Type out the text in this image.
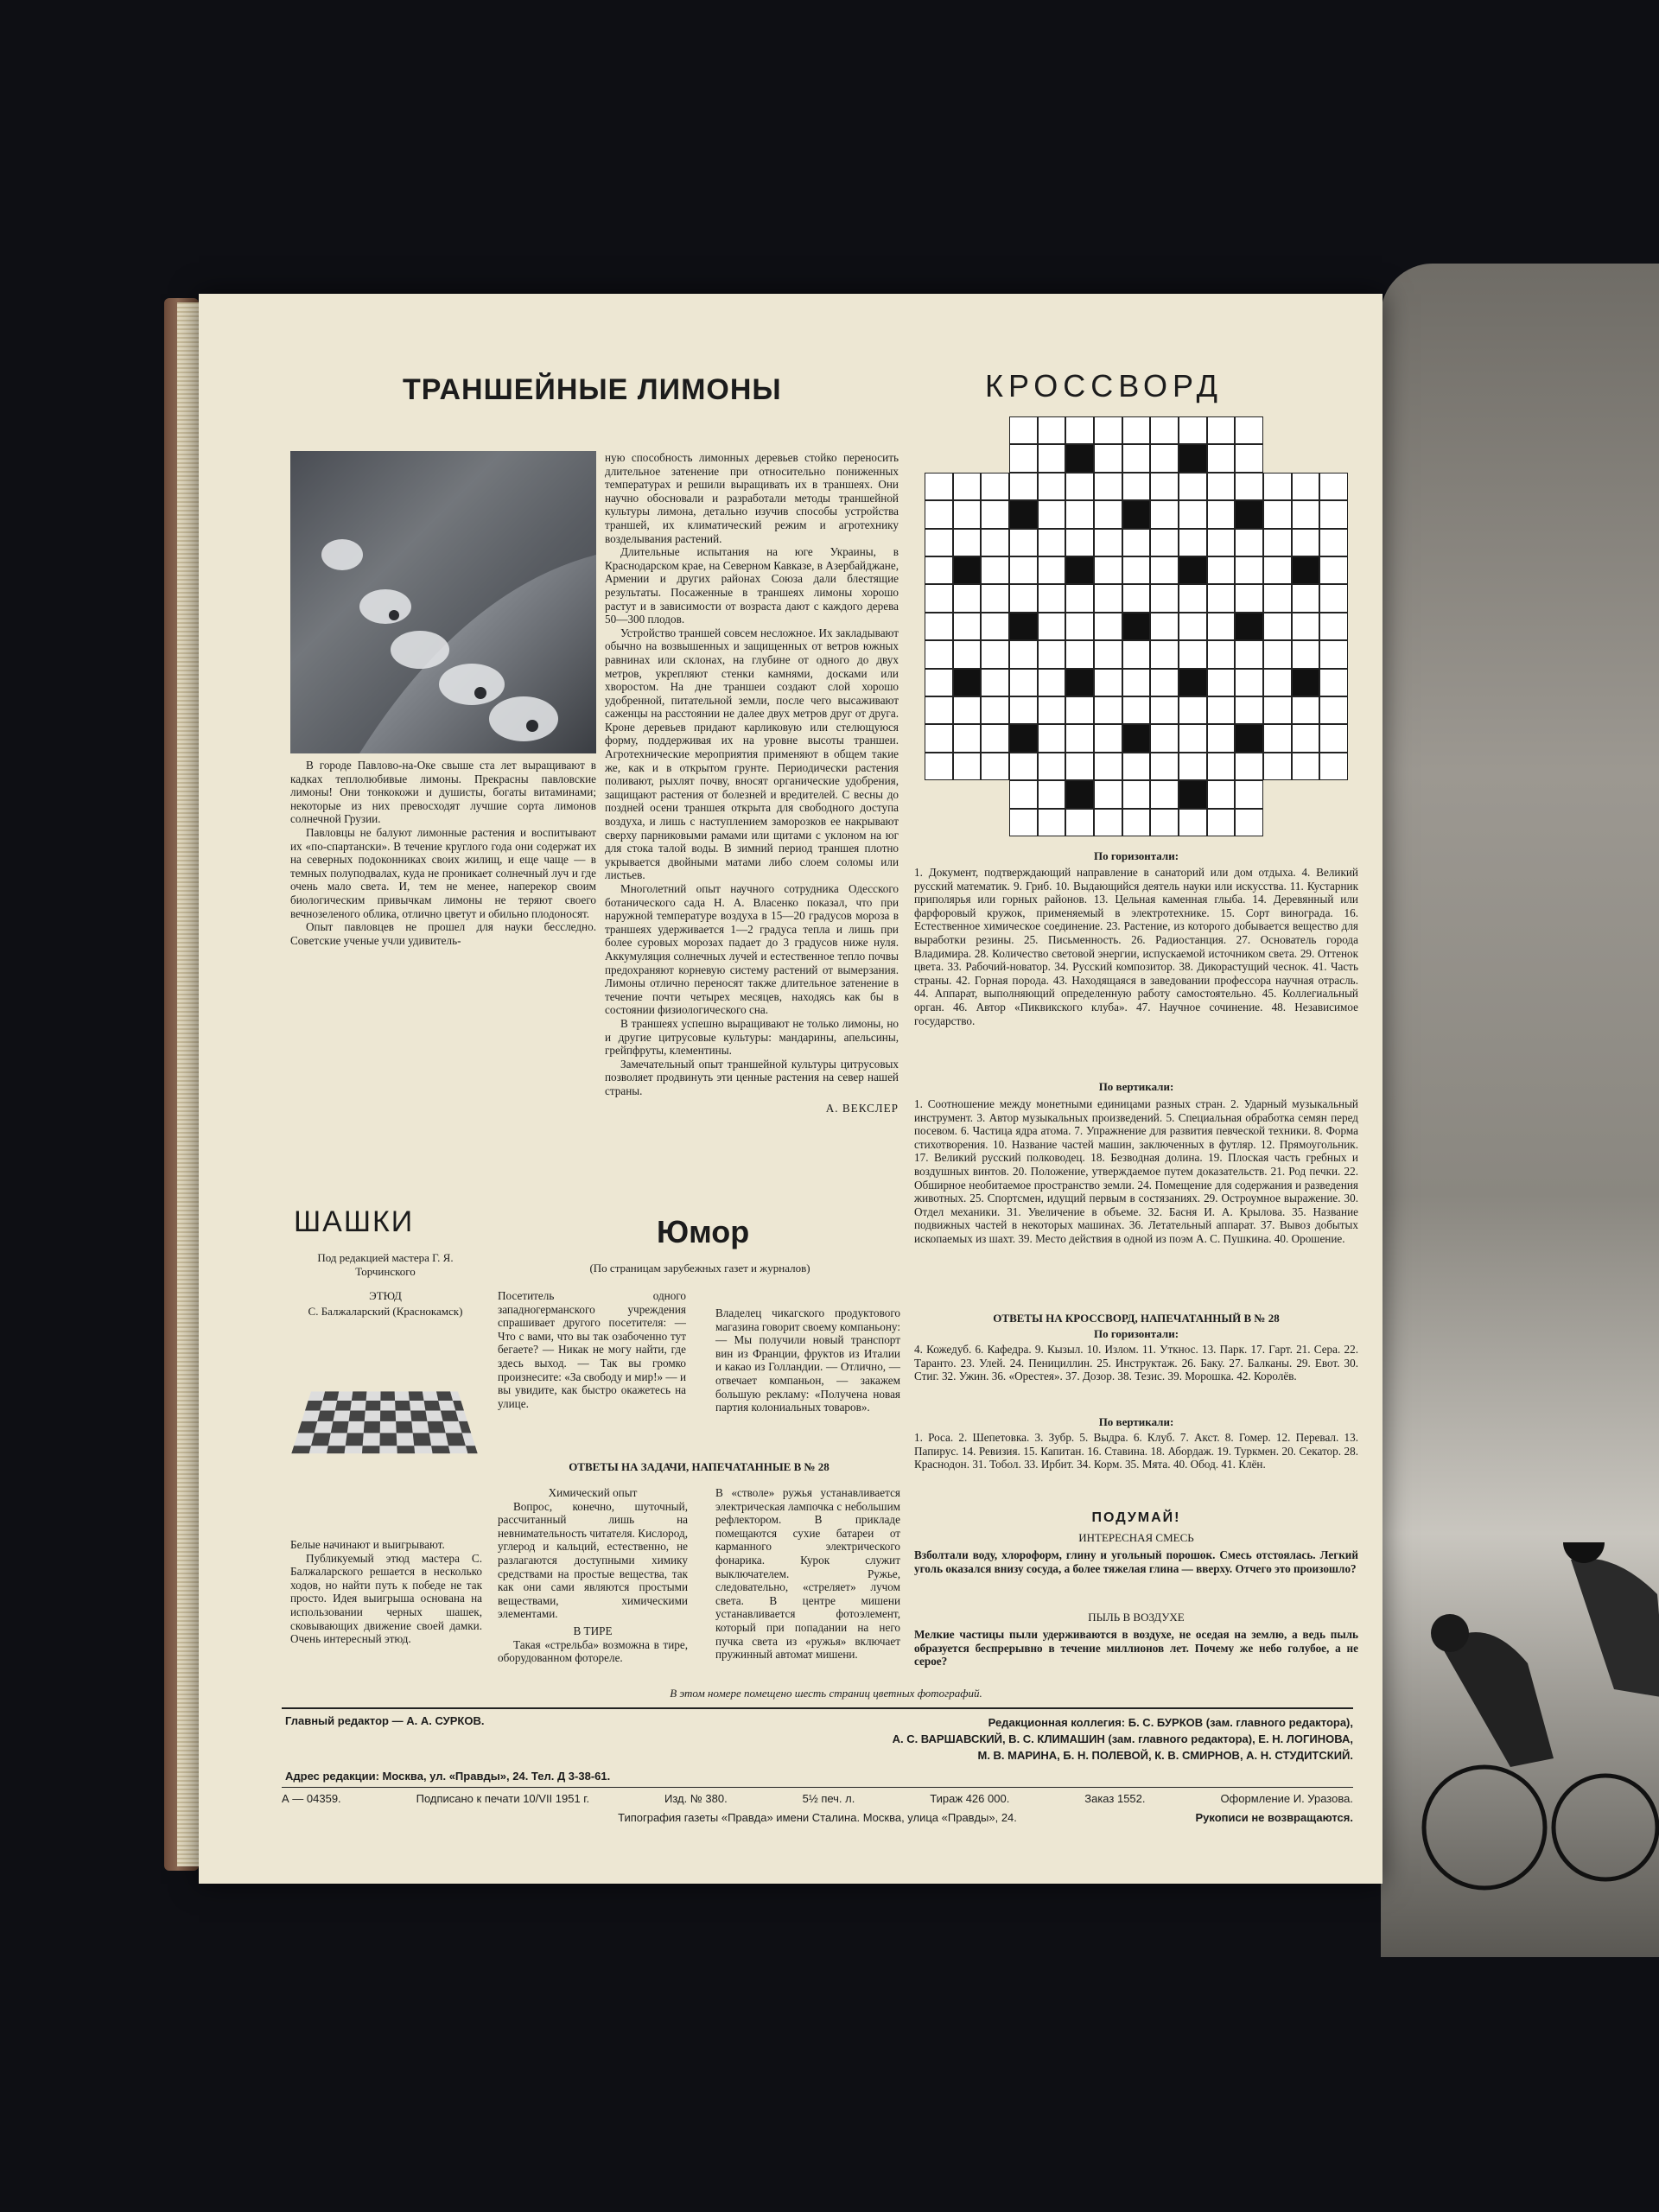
ТРАНШЕЙНЫЕ ЛИМОНЫ

В городе Павлово-на-Оке свыше ста лет выращивают в кадках теплолюбивые лимоны. Прекрасны павловские лимоны! Они тонкокожи и душисты, богаты витаминами; некоторые из них превосходят лучшие сорта лимонов солнечной Грузии.

Павловцы не балуют лимонные растения и воспитывают их «по-спартански». В течение круглого года они содержат их на северных подоконниках своих жилищ, и еще чаще — в темных полуподвалах, куда не проникает солнечный луч и где очень мало света. И, тем не менее, наперекор своим биологическим привычкам лимоны не теряют своего вечнозеленого облика, отлично цветут и обильно плодоносят.

Опыт павловцев не прошел для науки бесследно. Советские ученые учли удивитель-

ную способность лимонных деревьев стойко переносить длительное затенение при относительно пониженных температурах и решили выращивать их в траншеях. Они научно обосновали и разработали методы траншейной культуры лимона, детально изучив способы устройства траншей, их климатический режим и агротехнику возделывания растений.

Длительные испытания на юге Украины, в Краснодарском крае, на Северном Кавказе, в Азербайджане, Армении и других районах Союза дали блестящие результаты. Посаженные в траншеях лимоны хорошо растут и в зависимости от возраста дают с каждого дерева 50—300 плодов.

Устройство траншей совсем несложное. Их закладывают обычно на возвышенных и защищенных от ветров южных равнинах или склонах, на глубине от одного до двух метров, укрепляют стенки камнями, досками или хворостом. На дне траншеи создают слой хорошо удобренной, питательной земли, после чего высаживают саженцы на расстоянии не далее двух метров друг от друга. Кроне деревьев придают карликовую или стелющуюся форму, поддерживая их на уровне высоты траншеи. Агротехнические мероприятия применяют в общем такие же, как и в открытом грунте. Периодически растения поливают, рыхлят почву, вносят органические удобрения, защищают растения от болезней и вредителей. С весны до поздней осени траншея открыта для свободного доступа воздуха, и лишь с наступлением заморозков ее накрывают сверху парниковыми рамами или щитами с уклоном на юг для стока талой воды. В зимний период траншея плотно укрывается двойными матами либо слоем соломы или листьев.

Многолетний опыт научного сотрудника Одесского ботанического сада Н. А. Власенко показал, что при наружной температуре воздуха в 15—20 градусов мороза в траншеях удерживается 1—2 градуса тепла и лишь при более суровых морозах падает до 3 градусов ниже нуля. Аккумуляция солнечных лучей и естественное тепло почвы предохраняют корневую систему растений от вымерзания. Лимоны отлично переносят также длительное затенение в течение почти четырех месяцев, находясь как бы в состоянии физиологического сна.

В траншеях успешно выращивают не только лимоны, но и другие цитрусовые культуры: мандарины, апельсины, грейпфруты, клементины.

Замечательный опыт траншейной культуры цитрусовых позволяет продвинуть эти ценные растения на север нашей страны.

А. ВЕКСЛЕР
ШАШКИ
Под редакцией мастера Г. Я. Торчинского
ЭТЮД
С. Балжаларский (Краснокамск)

Белые начинают и выигрывают.

Публикуемый этюд мастера С. Балжаларского решается в несколько ходов, но найти путь к победе не так просто. Идея выигрыша основана на использовании черных шашек, сковывающих движение своей дамки. Очень интересный этюд.

Юмор
(По страницам зарубежных газет и журналов)
Посетитель одного западногерманского учреждения спрашивает другого посетителя: — Что с вами, что вы так озабоченно тут бегаете? — Никак не могу найти, где здесь выход. — Так вы громко произнесите: «За свободу и мир!» — и вы увидите, как быстро окажетесь на улице.
Владелец чикагского продуктового магазина говорит своему компаньону: — Мы получили новый транспорт вин из Франции, фруктов из Италии и какао из Голландии. — Отлично, — отвечает компаньон, — закажем большую рекламу: «Получена новая партия колониальных товаров».
ОТВЕТЫ НА ЗАДАЧИ, НАПЕЧАТАННЫЕ В № 28
Химический опыт

Вопрос, конечно, шуточный, рассчитанный лишь на невнимательность читателя. Кислород, углерод и кальций, естественно, не разлагаются доступными химику средствами на простые вещества, так как они сами являются простыми веществами, химическими элементами.

В ТИРЕ

Такая «стрельба» возможна в тире, оборудованном фотореле.

В «стволе» ружья устанавливается электрическая лампочка с небольшим рефлектором. В прикладе помещаются сухие батареи от карманного электрического фонарика. Курок служит выключателем. Ружье, следовательно, «стреляет» лучом света. В центре мишени устанавливается фотоэлемент, который при попадании на него пучка света из «ружья» включает пружинный автомат мишени.
КРОССВОРД
По горизонтали:
1. Документ, подтверждающий направление в санаторий или дом отдыха. 4. Великий русский математик. 9. Гриб. 10. Выдающийся деятель науки или искусства. 11. Кустарник приполярья или горных районов. 13. Цельная каменная глыба. 14. Деревянный или фарфоровый кружок, применяемый в электротехнике. 15. Сорт винограда. 16. Естественное химическое соединение. 23. Растение, из которого добывается вещество для выработки резины. 25. Письменность. 26. Радиостанция. 27. Основатель города Владимира. 28. Количество световой энергии, испускаемой источником света. 29. Оттенок цвета. 33. Рабочий-новатор. 34. Русский композитор. 38. Дикорастущий чеснок. 41. Часть страны. 42. Горная порода. 43. Находящаяся в заведовании профессора научная отрасль. 44. Аппарат, выполняющий определенную работу самостоятельно. 45. Коллегиальный орган. 46. Автор «Пиквикского клуба». 47. Научное сочинение. 48. Независимое государство.
По вертикали:
1. Соотношение между монетными единицами разных стран. 2. Ударный музыкальный инструмент. 3. Автор музыкальных произведений. 5. Специальная обработка семян перед посевом. 6. Частица ядра атома. 7. Упражнение для развития певческой техники. 8. Форма стихотворения. 10. Название частей машин, заключенных в футляр. 12. Прямоугольник. 17. Великий русский полководец. 18. Безводная долина. 19. Плоская часть гребных и воздушных винтов. 20. Положение, утверждаемое путем доказательств. 21. Род печки. 22. Обширное необитаемое пространство земли. 24. Помещение для содержания и разведения животных. 25. Спортсмен, идущий первым в состязаниях. 29. Остроумное выражение. 30. Отдел механики. 31. Увеличение в объеме. 32. Басня И. А. Крылова. 35. Название подвижных частей в некоторых машинах. 36. Летательный аппарат. 37. Вывоз добытых ископаемых из шахт. 39. Место действия в одной из поэм А. С. Пушкина. 40. Орошение.
ОТВЕТЫ НА КРОССВОРД, НАПЕЧАТАННЫЙ В № 28
По горизонтали:
4. Кожедуб. 6. Кафедра. 9. Кызыл. 10. Излом. 11. Уткнос. 13. Парк. 17. Гарт. 21. Сера. 22. Таранто. 23. Улей. 24. Пенициллин. 25. Инструктаж. 26. Баку. 27. Балканы. 29. Евот. 30. Стиг. 32. Ужин. 36. «Орестея». 37. Дозор. 38. Тезис. 39. Морошка. 42. Королёв.
По вертикали:
1. Роса. 2. Шепетовка. 3. Зубр. 5. Выдра. 6. Клуб. 7. Акст. 8. Гомер. 12. Перевал. 13. Папирус. 14. Ревизия. 15. Капитан. 16. Ставина. 18. Абордаж. 19. Туркмен. 20. Секатор. 28. Краснодон. 31. Тобол. 33. Ирбит. 34. Корм. 35. Мята. 40. Обод. 41. Клён.
ПОДУМАЙ!
ИНТЕРЕСНАЯ СМЕСЬ
Взболтали воду, хлороформ, глину и угольный порошок. Смесь отстоялась. Легкий уголь оказался внизу сосуда, а более тяжелая глина — вверху. Отчего это произошло?
ПЫЛЬ В ВОЗДУХЕ
Мелкие частицы пыли удерживаются в воздухе, не оседая на землю, а ведь пыль образуется беспрерывно в течение миллионов лет. Почему же небо голубое, а не серое?
В этом номере помещено шесть страниц цветных фотографий.
Главный редактор — А. А. СУРКОВ.	Редакционная коллегия: Б. С. БУРКОВ (зам. главного редактора),
А. С. ВАРШАВСКИЙ, В. С. КЛИМАШИН (зам. главного редактора), Е. Н. ЛОГИНОВА,
М. В. МАРИНА, Б. Н. ПОЛЕВОЙ, К. В. СМИРНОВ, А. Н. СТУДИТСКИЙ.
Адрес редакции: Москва, ул. «Правды», 24. Тел. Д 3-38-61.
А — 04359.	Подписано к печати 10/VII 1951 г.	Изд. № 380.	5½ печ. л.	Тираж 426 000.	Заказ 1552.	Оформление И. Уразова.
Типография газеты «Правда» имени Сталина. Москва, улица «Правды», 24.	Рукописи не возвращаются.
